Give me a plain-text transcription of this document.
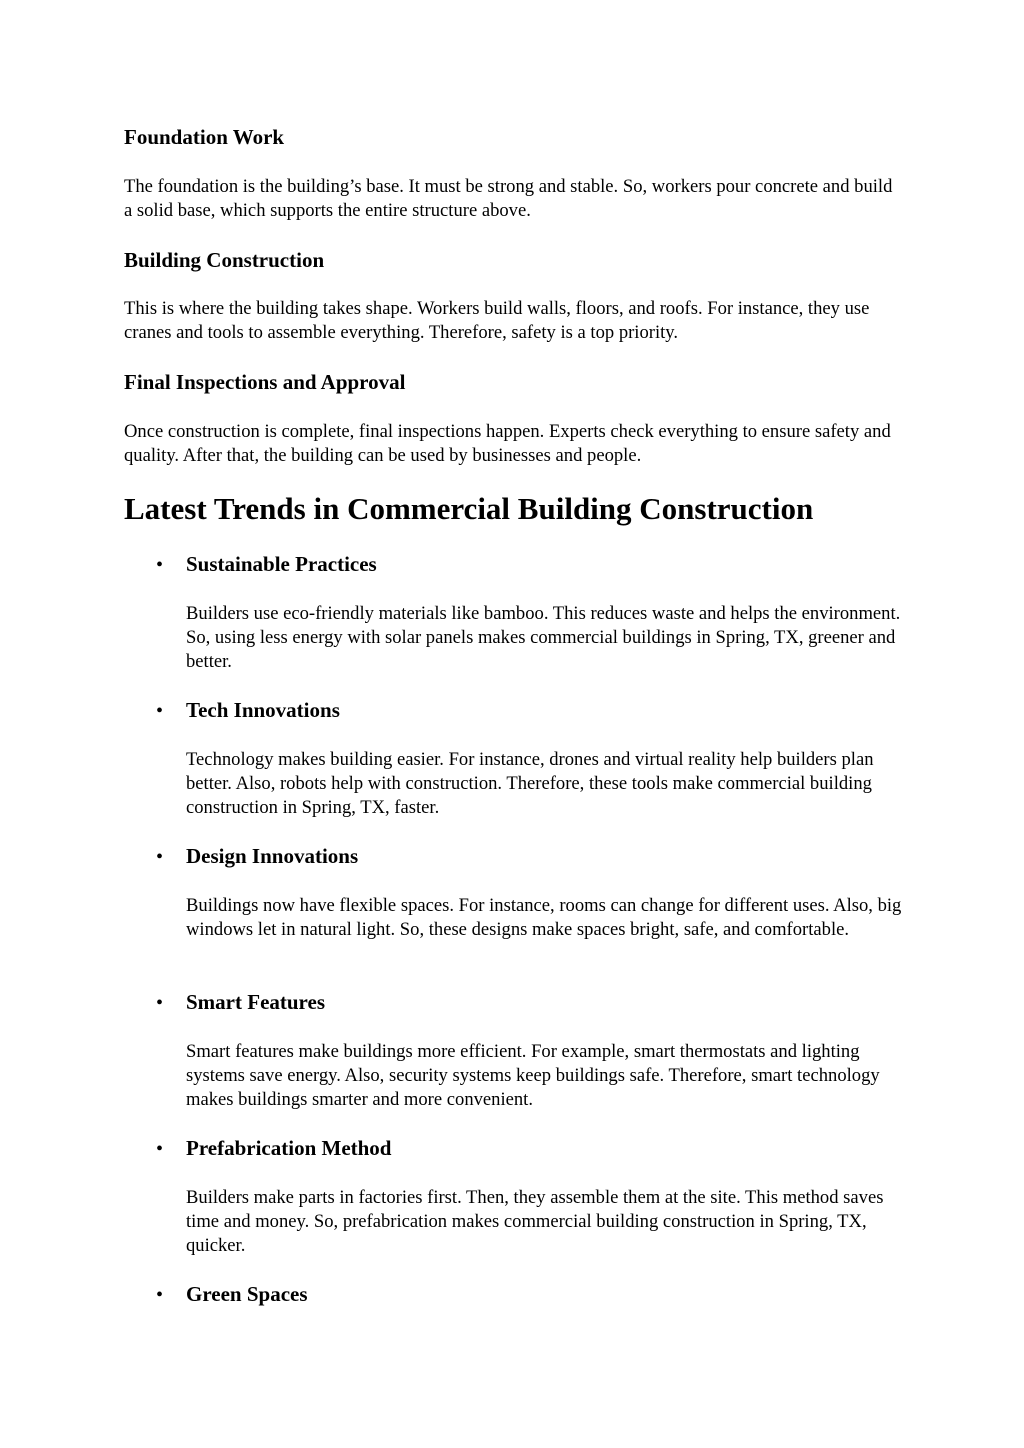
Foundation Work
The foundation is the building’s base. It must be strong and stable. So, workers pour concrete and build a solid base, which supports the entire structure above.
Building Construction
This is where the building takes shape. Workers build walls, floors, and roofs. For instance, they use cranes and tools to assemble everything. Therefore, safety is a top priority.
Final Inspections and Approval
Once construction is complete, final inspections happen. Experts check everything to ensure safety and quality. After that, the building can be used by businesses and people.
Latest Trends in Commercial Building Construction
• Sustainable Practices
Builders use eco-friendly materials like bamboo. This reduces waste and helps the environment. So, using less energy with solar panels makes commercial buildings in Spring, TX, greener and better.
• Tech Innovations
Technology makes building easier. For instance, drones and virtual reality help builders plan better. Also, robots help with construction. Therefore, these tools make commercial building construction in Spring, TX, faster.
• Design Innovations
Buildings now have flexible spaces. For instance, rooms can change for different uses. Also, big windows let in natural light. So, these designs make spaces bright, safe, and comfortable.
• Smart Features
Smart features make buildings more efficient. For example, smart thermostats and lighting systems save energy. Also, security systems keep buildings safe. Therefore, smart technology makes buildings smarter and more convenient.
• Prefabrication Method
Builders make parts in factories first. Then, they assemble them at the site. This method saves time and money. So, prefabrication makes commercial building construction in Spring, TX, quicker.
• Green Spaces
